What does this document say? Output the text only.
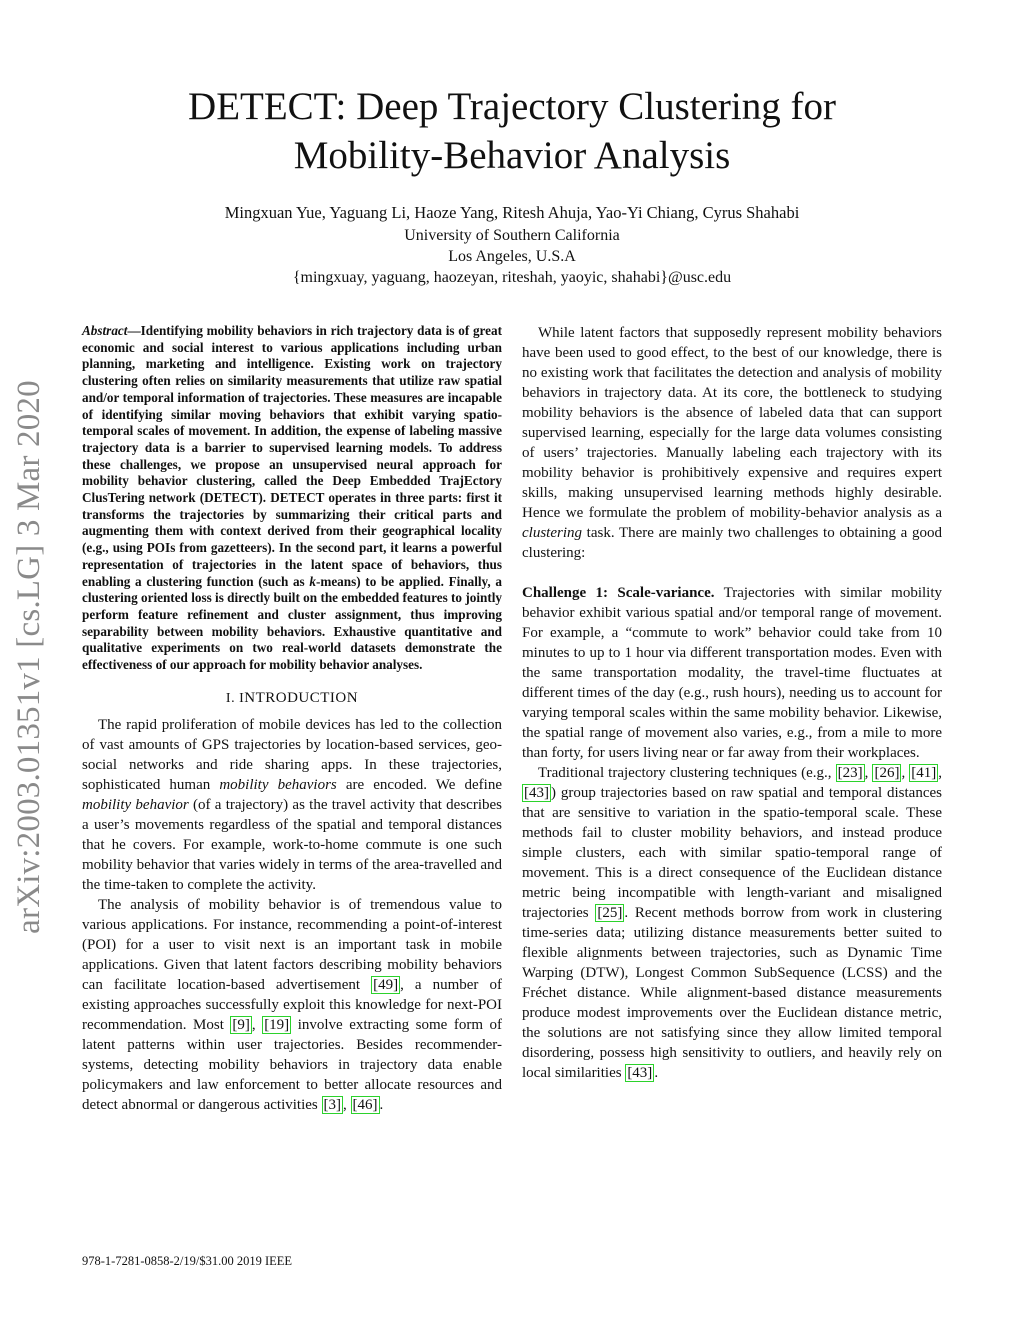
arXiv:2003.01351v1 [cs.LG] 3 Mar 2020
DETECT: Deep Trajectory Clustering for
Mobility-Behavior Analysis
Mingxuan Yue, Yaguang Li, Haoze Yang, Ritesh Ahuja, Yao-Yi Chiang, Cyrus Shahabi
University of Southern California
Los Angeles, U.S.A
{mingxuay, yaguang, haozeyan, riteshah, yaoyic, shahabi}@usc.edu
Abstract—Identifying mobility behaviors in rich trajectory data is of great economic and social interest to various applications including urban planning, marketing and intelligence. Existing work on trajectory clustering often relies on similarity measurements that utilize raw spatial and/or temporal information of trajectories. These measures are incapable of identifying similar moving behaviors that exhibit varying spatio-temporal scales of movement. In addition, the expense of labeling massive trajectory data is a barrier to supervised learning models. To address these challenges, we propose an unsupervised neural approach for mobility behavior clustering, called the Deep Embedded TrajEctory ClusTering network (DETECT). DETECT operates in three parts: first it transforms the trajectories by summarizing their critical parts and augmenting them with context derived from their geographical locality (e.g., using POIs from gazetteers). In the second part, it learns a powerful representation of trajectories in the latent space of behaviors, thus enabling a clustering function (such as k-means) to be applied. Finally, a clustering oriented loss is directly built on the embedded features to jointly perform feature refinement and cluster assignment, thus improving separability between mobility behaviors. Exhaustive quantitative and qualitative experiments on two real-world datasets demonstrate the effectiveness of our approach for mobility behavior analyses.
I. INTRODUCTION

The rapid proliferation of mobile devices has led to the collection of vast amounts of GPS trajectories by location-based services, geo-social networks and ride sharing apps. In these trajectories, sophisticated human mobility behaviors are encoded. We define mobility behavior (of a trajectory) as the travel activity that describes a user’s movements regardless of the spatial and temporal distances that he covers. For example, work-to-home commute is one such mobility behavior that varies widely in terms of the area-travelled and the time-taken to complete the activity.

The analysis of mobility behavior is of tremendous value to various applications. For instance, recommending a point-of-interest (POI) for a user to visit next is an important task in mobile applications. Given that latent factors describing mobility behaviors can facilitate location-based advertisement [49] , a number of existing approaches successfully exploit this knowledge for next-POI recommendation. Most [9] , [19] involve extracting some form of latent patterns within user trajectories. Besides recommender-systems, detecting mobility behaviors in trajectory data enable policymakers and law enforcement to better allocate resources and detect abnormal or dangerous activities [3] , [46] .

While latent factors that supposedly represent mobility behaviors have been used to good effect, to the best of our knowledge, there is no existing work that facilitates the detection and analysis of mobility behaviors in trajectory data. At its core, the bottleneck to studying mobility behaviors is the absence of labeled data that can support supervised learning, especially for the large data volumes consisting of users’ trajectories. Manually labeling each trajectory with its mobility behavior is prohibitively expensive and requires expert skills, making unsupervised learning methods highly desirable. Hence we formulate the problem of mobility-behavior analysis as a clustering task. There are mainly two challenges to obtaining a good clustering:

Challenge 1: Scale-variance. Trajectories with similar mobility behavior exhibit various spatial and/or temporal range of movement. For example, a “commute to work” behavior could take from 10 minutes to up to 1 hour via different transportation modes. Even with the same transportation modality, the travel-time fluctuates at different times of the day (e.g., rush hours), needing us to account for varying temporal scales within the same mobility behavior. Likewise, the spatial range of movement also varies, e.g., from a mile to more than forty, for users living near or far away from their workplaces.

Traditional trajectory clustering techniques (e.g., [23] , [26] , [41] , [43] ) group trajectories based on raw spatial and temporal distances that are sensitive to variation in the spatio-temporal scale. These methods fail to cluster mobility behaviors, and instead produce simple clusters, each with similar spatio-temporal range of movement. This is a direct consequence of the Euclidean distance metric being incompatible with length-variant and misaligned trajectories [25] . Recent methods borrow from work in clustering time-series data; utilizing distance measurements better suited to flexible alignments between trajectories, such as Dynamic Time Warping (DTW), Longest Common SubSequence (LCSS) and the Fréchet distance. While alignment-based distance measurements produce modest improvements over the Euclidean distance metric, the solutions are not satisfying since they allow limited temporal disordering, possess high sensitivity to outliers, and heavily rely on local similarities [43] .

978-1-7281-0858-2/19/$31.00 2019 IEEE
